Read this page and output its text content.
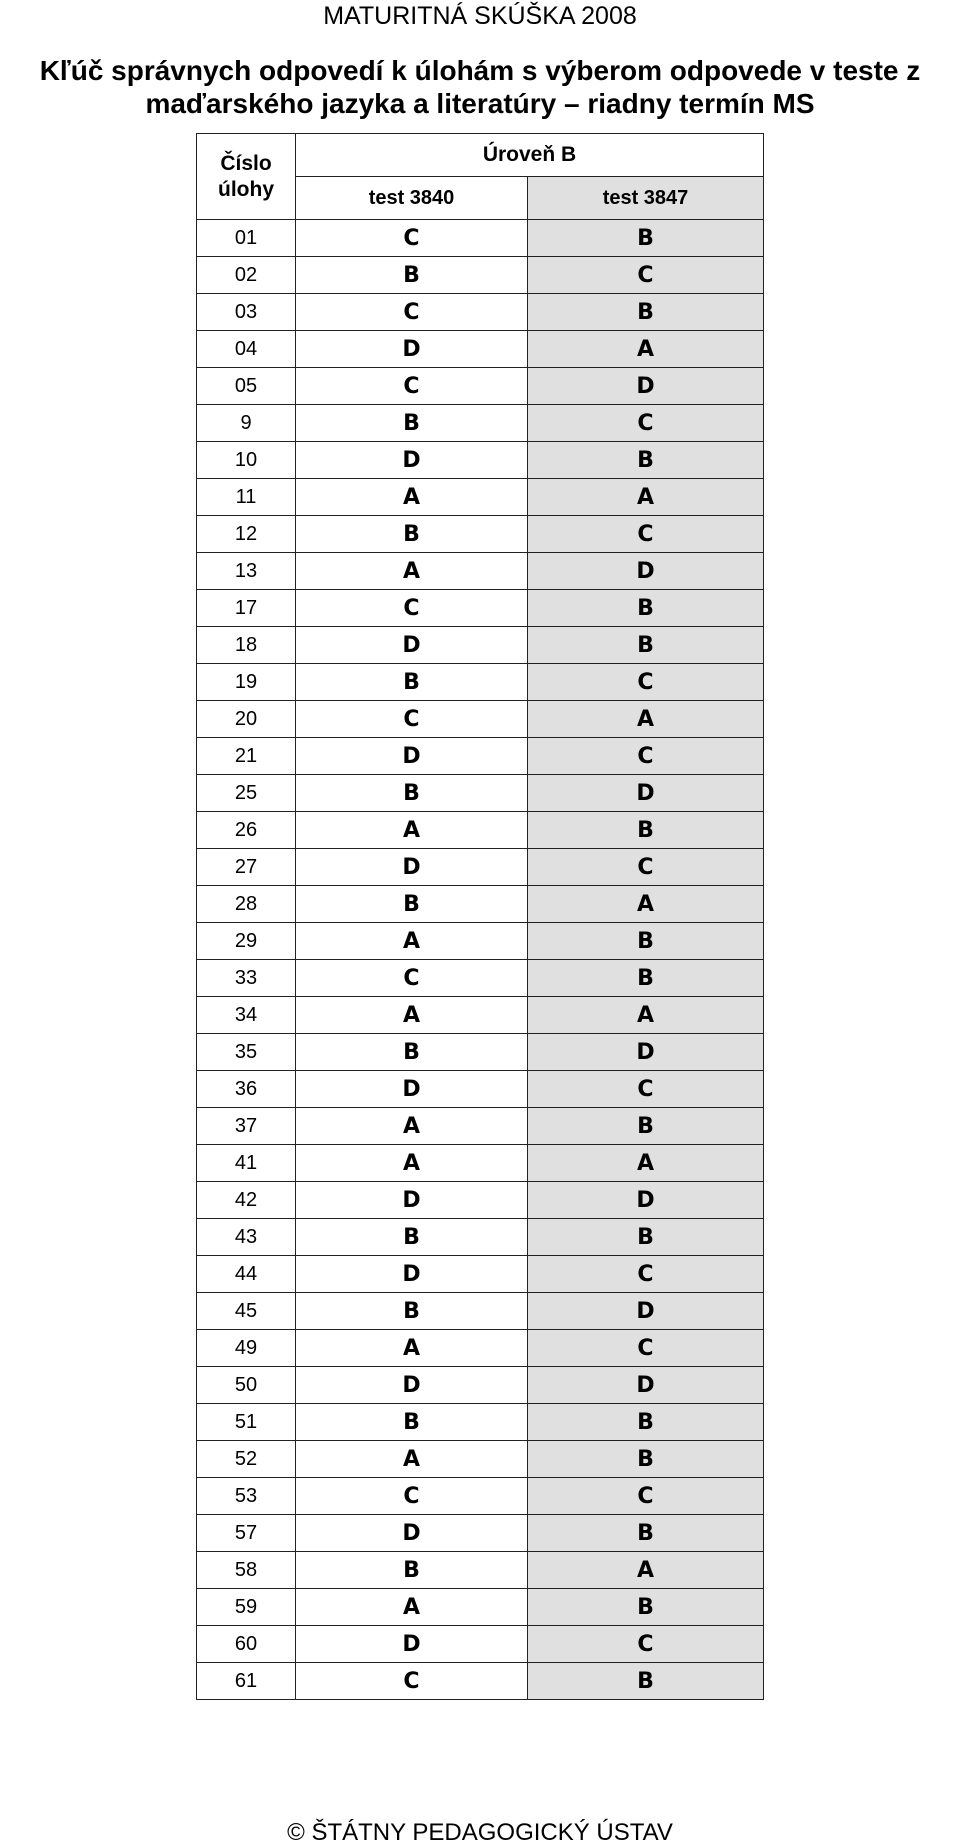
MATURITNÁ SKÚŠKA 2008
Kľúč správnych odpovedí k úlohám s výberom odpovede v teste z
maďarského jazyka a literatúry – riadny termín MS
Číslo
úlohy	Úroveň B	
	test 3840	test 3847
01	C	B
02	B	C
03	C	B
04	D	A
05	C	D
9	B	C
10	D	B
11	A	A
12	B	C
13	A	D
17	C	B
18	D	B
19	B	C
20	C	A
21	D	C
25	B	D
26	A	B
27	D	C
28	B	A
29	A	B
33	C	B
34	A	A
35	B	D
36	D	C
37	A	B
41	A	A
42	D	D
43	B	B
44	D	C
45	B	D
49	A	C
50	D	D
51	B	B
52	A	B
53	C	C
57	D	B
58	B	A
59	A	B
60	D	C
61	C	B
© ŠTÁTNY PEDAGOGICKÝ ÚSTAV
